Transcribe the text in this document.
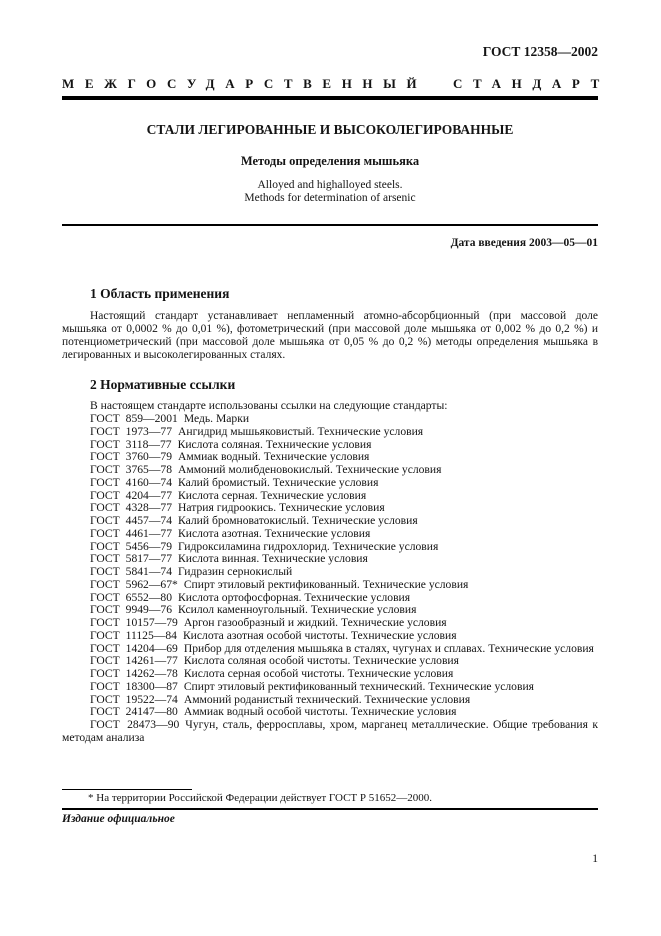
ГОСТ 12358—2002
МЕЖГОСУДАРСТВЕННЫЙ СТАНДАРТ
СТАЛИ ЛЕГИРОВАННЫЕ И ВЫСОКОЛЕГИРОВАННЫЕ
Методы определения мышьяка
Alloyed and highalloyed steels.
Methods for determination of arsenic
Дата введения 2003—05—01
1 Область применения

Настоящий стандарт устанавливает непламенный атомно-абсорбционный (при массовой доле мышьяка от 0,0002 % до 0,01 %), фотометрический (при массовой доле мышьяка от 0,002 % до 0,2 %) и потенциометрический (при массовой доле мышьяка от 0,05 % до 0,2 %) методы определения мышьяка в легированных и высоколегированных сталях.

2 Нормативные ссылки

В настоящем стандарте использованы ссылки на следующие стандарты:

ГОСТ 859—2001 Медь. Марки

ГОСТ 1973—77 Ангидрид мышьяковистый. Технические условия

ГОСТ 3118—77 Кислота соляная. Технические условия

ГОСТ 3760—79 Аммиак водный. Технические условия

ГОСТ 3765—78 Аммоний молибденовокислый. Технические условия

ГОСТ 4160—74 Калий бромистый. Технические условия

ГОСТ 4204—77 Кислота серная. Технические условия

ГОСТ 4328—77 Натрия гидроокись. Технические условия

ГОСТ 4457—74 Калий бромноватокислый. Технические условия

ГОСТ 4461—77 Кислота азотная. Технические условия

ГОСТ 5456—79 Гидроксиламина гидрохлорид. Технические условия

ГОСТ 5817—77 Кислота винная. Технические условия

ГОСТ 5841—74 Гидразин сернокислый

ГОСТ 5962—67* Спирт этиловый ректификованный. Технические условия

ГОСТ 6552—80 Кислота ортофосфорная. Технические условия

ГОСТ 9949—76 Ксилол каменноугольный. Технические условия

ГОСТ 10157—79 Аргон газообразный и жидкий. Технические условия

ГОСТ 11125—84 Кислота азотная особой чистоты. Технические условия

ГОСТ 14204—69 Прибор для отделения мышьяка в сталях, чугунах и сплавах. Технические условия

ГОСТ 14261—77 Кислота соляная особой чистоты. Технические условия

ГОСТ 14262—78 Кислота серная особой чистоты. Технические условия

ГОСТ 18300—87 Спирт этиловый ректификованный технический. Технические условия

ГОСТ 19522—74 Аммоний роданистый технический. Технические условия

ГОСТ 24147—80 Аммиак водный особой чистоты. Технические условия

ГОСТ 28473—90 Чугун, сталь, ферросплавы, хром, марганец металлические. Общие требования к методам анализа

* На территории Российской Федерации действует ГОСТ Р 51652—2000.

Издание официальное

1
